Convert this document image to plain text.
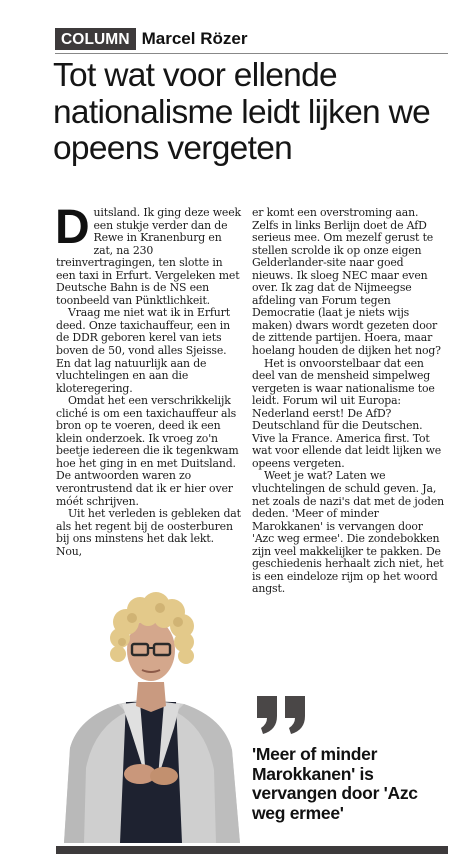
COLUMN Marcel Rözer
Tot wat voor ellende nationalisme leidt lijken we opeens vergeten

Duitsland. Ik ging deze week een stukje verder dan de Rewe in Kranenburg en zat, na 230 treinvertragingen, ten slotte in een taxi in Erfurt. Vergeleken met Deutsche Bahn is de NS een toonbeeld van Pünktlichkeit.

Vraag me niet wat ik in Erfurt deed. Onze taxichauffeur, een in de DDR geboren kerel van iets boven de 50, vond alles Sjeisse. En dat lag natuurlijk aan de vluchtelingen en aan die kloteregering.

Omdat het een verschrikkelijk cliché is om een taxichauffeur als bron op te voeren, deed ik een klein onderzoek. Ik vroeg zo'n beetje iedereen die ik tegenkwam hoe het ging in en met Duitsland. De antwoorden waren zo verontrustend dat ik er hier over móét schrijven.

Uit het verleden is gebleken dat als het regent bij de oosterburen bij ons minstens het dak lekt. Nou,

er komt een overstroming aan. Zelfs in links Berlijn doet de AfD serieus mee. Om mezelf gerust te stellen scrolde ik op onze eigen Gelderlander-site naar goed nieuws. Ik sloeg NEC maar even over. Ik zag dat de Nijmeegse afdeling van Forum tegen Democratie (laat je niets wijs maken) dwars wordt gezeten door de zittende partijen. Hoera, maar hoelang houden de dijken het nog?

Het is onvoorstelbaar dat een deel van de mensheid simpelweg vergeten is waar nationalisme toe leidt. Forum wil uit Europa: Nederland eerst! De AfD? Deutschland für die Deutschen. Vive la France. America first. Tot wat voor ellende dat leidt lijken we opeens vergeten.

Weet je wat? Laten we vluchtelingen de schuld geven. Ja, net zoals de nazi's dat met de joden deden. 'Meer of minder Marokkanen' is vervangen door 'Azc weg ermee'. Die zondebokken zijn veel makkelijker te pakken. De geschiedenis herhaalt zich niet, het is een eindeloze rijm op het woord angst.

'Meer of minder Marokkanen' is vervangen door 'Azc weg ermee'
